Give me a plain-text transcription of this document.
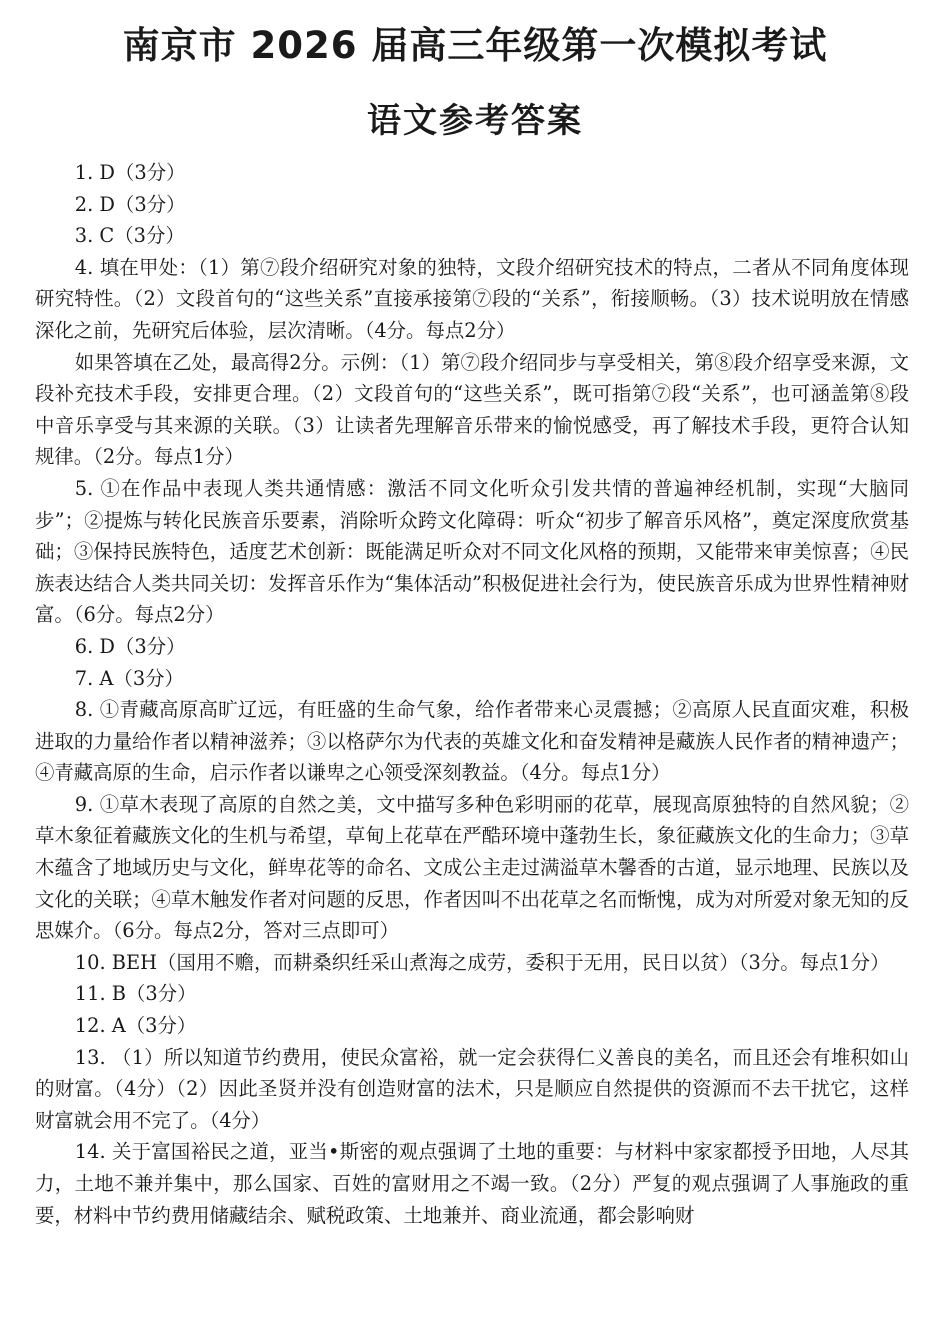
南京市 2026 届高三年级第一次模拟考试
语文参考答案

1. D（3分）

2. D（3分）

3. C（3分）

4. 填在甲处：（1）第⑦段介绍研究对象的独特，文段介绍研究技术的特点，二者从不同角度体现研究特性。（2）文段首句的“这些关系”直接承接第⑦段的“关系”，衔接顺畅。（3）技术说明放在情感深化之前，先研究后体验，层次清晰。（4分。每点2分）

如果答填在乙处，最高得2分。示例：（1）第⑦段介绍同步与享受相关，第⑧段介绍享受来源，文段补充技术手段，安排更合理。（2）文段首句的“这些关系”，既可指第⑦段“关系”，也可涵盖第⑧段中音乐享受与其来源的关联。（3）让读者先理解音乐带来的愉悦感受，再了解技术手段，更符合认知规律。（2分。每点1分）

5. ①在作品中表现人类共通情感：激活不同文化听众引发共情的普遍神经机制，实现“大脑同步”；②提炼与转化民族音乐要素，消除听众跨文化障碍：听众“初步了解音乐风格”，奠定深度欣赏基础；③保持民族特色，适度艺术创新：既能满足听众对不同文化风格的预期，又能带来审美惊喜；④民族表达结合人类共同关切：发挥音乐作为“集体活动”积极促进社会行为，使民族音乐成为世界性精神财富。（6分。每点2分）

6. D（3分）

7. A（3分）

8. ①青藏高原高旷辽远，有旺盛的生命气象，给作者带来心灵震撼；②高原人民直面灾难，积极进取的力量给作者以精神滋养；③以格萨尔为代表的英雄文化和奋发精神是藏族人民作者的精神遗产；④青藏高原的生命，启示作者以谦卑之心领受深刻教益。（4分。每点1分）

9. ①草木表现了高原的自然之美，文中描写多种色彩明丽的花草，展现高原独特的自然风貌；②草木象征着藏族文化的生机与希望，草甸上花草在严酷环境中蓬勃生长，象征藏族文化的生命力；③草木蕴含了地域历史与文化，鲜卑花等的命名、文成公主走过满溢草木馨香的古道，显示地理、民族以及文化的关联；④草木触发作者对问题的反思，作者因叫不出花草之名而惭愧，成为对所爱对象无知的反思媒介。（6分。每点2分，答对三点即可）

10. BEH（国用不赡，而耕桑织纴采山煮海之成劳，委积于无用，民日以贫）（3分。每点1分）

11. B（3分）

12. A（3分）

13. （1）所以知道节约费用，使民众富裕，就一定会获得仁义善良的美名，而且还会有堆积如山的财富。（4分）（2）因此圣贤并没有创造财富的法术，只是顺应自然提供的资源而不去干扰它，这样财富就会用不完了。（4分）

14. 关于富国裕民之道，亚当•斯密的观点强调了土地的重要：与材料中家家都授予田地，人尽其力，土地不兼并集中，那么国家、百姓的富财用之不竭一致。（2分）严复的观点强调了人事施政的重要，材料中节约费用储藏结余、赋税政策、土地兼并、商业流通，都会影响财
